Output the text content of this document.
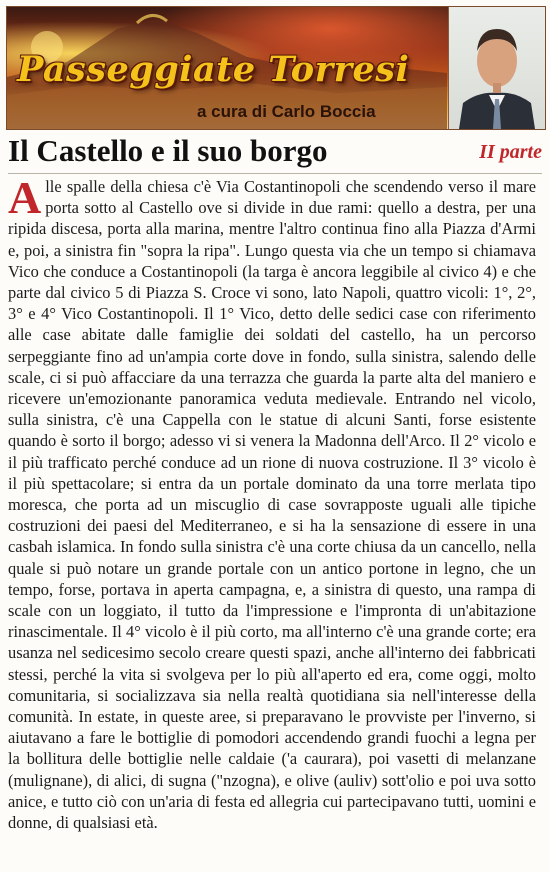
Passeggiate Torresi
a cura di Carlo Boccia
Il Castello e il suo borgo	II parte
Alle spalle della chiesa c'è Via Costantinopoli che scendendo verso il mare porta sotto al Castello ove si divide in due rami: quello a destra, per una ripida discesa, porta alla marina, mentre l'altro continua fino alla Piazza d'Armi e, poi, a sinistra fin "sopra la ripa". Lungo questa via che un tempo si chiamava Vico che conduce a Costantinopoli (la targa è ancora leggibile al civico 4) e che parte dal civico 5 di Piazza S. Croce vi sono, lato Napoli, quattro vicoli: 1°, 2°, 3° e 4° Vico Costantinopoli. Il 1° Vico, detto delle sedici case con riferimento alle case abitate dalle famiglie dei soldati del castello, ha un percorso serpeggiante fino ad un'ampia corte dove in fondo, sulla sinistra, salendo delle scale, ci si può affacciare da una terrazza che guarda la parte alta del maniero e ricevere un'emozionante panoramica veduta medievale. Entrando nel vicolo, sulla sinistra, c'è una Cappella con le statue di alcuni Santi, forse esistente quando è sorto il borgo; adesso vi si venera la Madonna dell'Arco. Il 2° vicolo e il più trafficato perché conduce ad un rione di nuova costruzione. Il 3° vicolo è il più spettacolare; si entra da un portale dominato da una torre merlata tipo moresca, che porta ad un miscuglio di case sovrapposte uguali alle tipiche costruzioni dei paesi del Mediterraneo, e si ha la sensazione di essere in una casbah islamica. In fondo sulla sinistra c'è una corte chiusa da un cancello, nella quale si può notare un grande portale con un antico portone in legno, che un tempo, forse, portava in aperta campagna, e, a sinistra di questo, una rampa di scale con un loggiato, il tutto da l'impressione e l'impronta di un'abitazione rinascimentale. Il 4° vicolo è il più corto, ma all'interno c'è una grande corte; era usanza nel sedicesimo secolo creare questi spazi, anche all'interno dei fabbricati stessi, perché la vita si svolgeva per lo più all'aperto ed era, come oggi, molto comunitaria, si socializzava sia nella realtà quotidiana sia nell'interesse della comunità. In estate, in queste aree, si preparavano le provviste per l'inverno, si aiutavano a fare le bottiglie di pomodori accendendo grandi fuochi a legna per la bollitura delle bottiglie nelle caldaie ('a caurara), poi vasetti di melanzane (mulignane), di alici, di sugna ("nzogna), e olive (auliv) sott'olio e poi uva sotto anice, e tutto ciò con un'aria di festa ed allegria cui partecipavano tutti, uomini e donne, di qualsiasi età.
